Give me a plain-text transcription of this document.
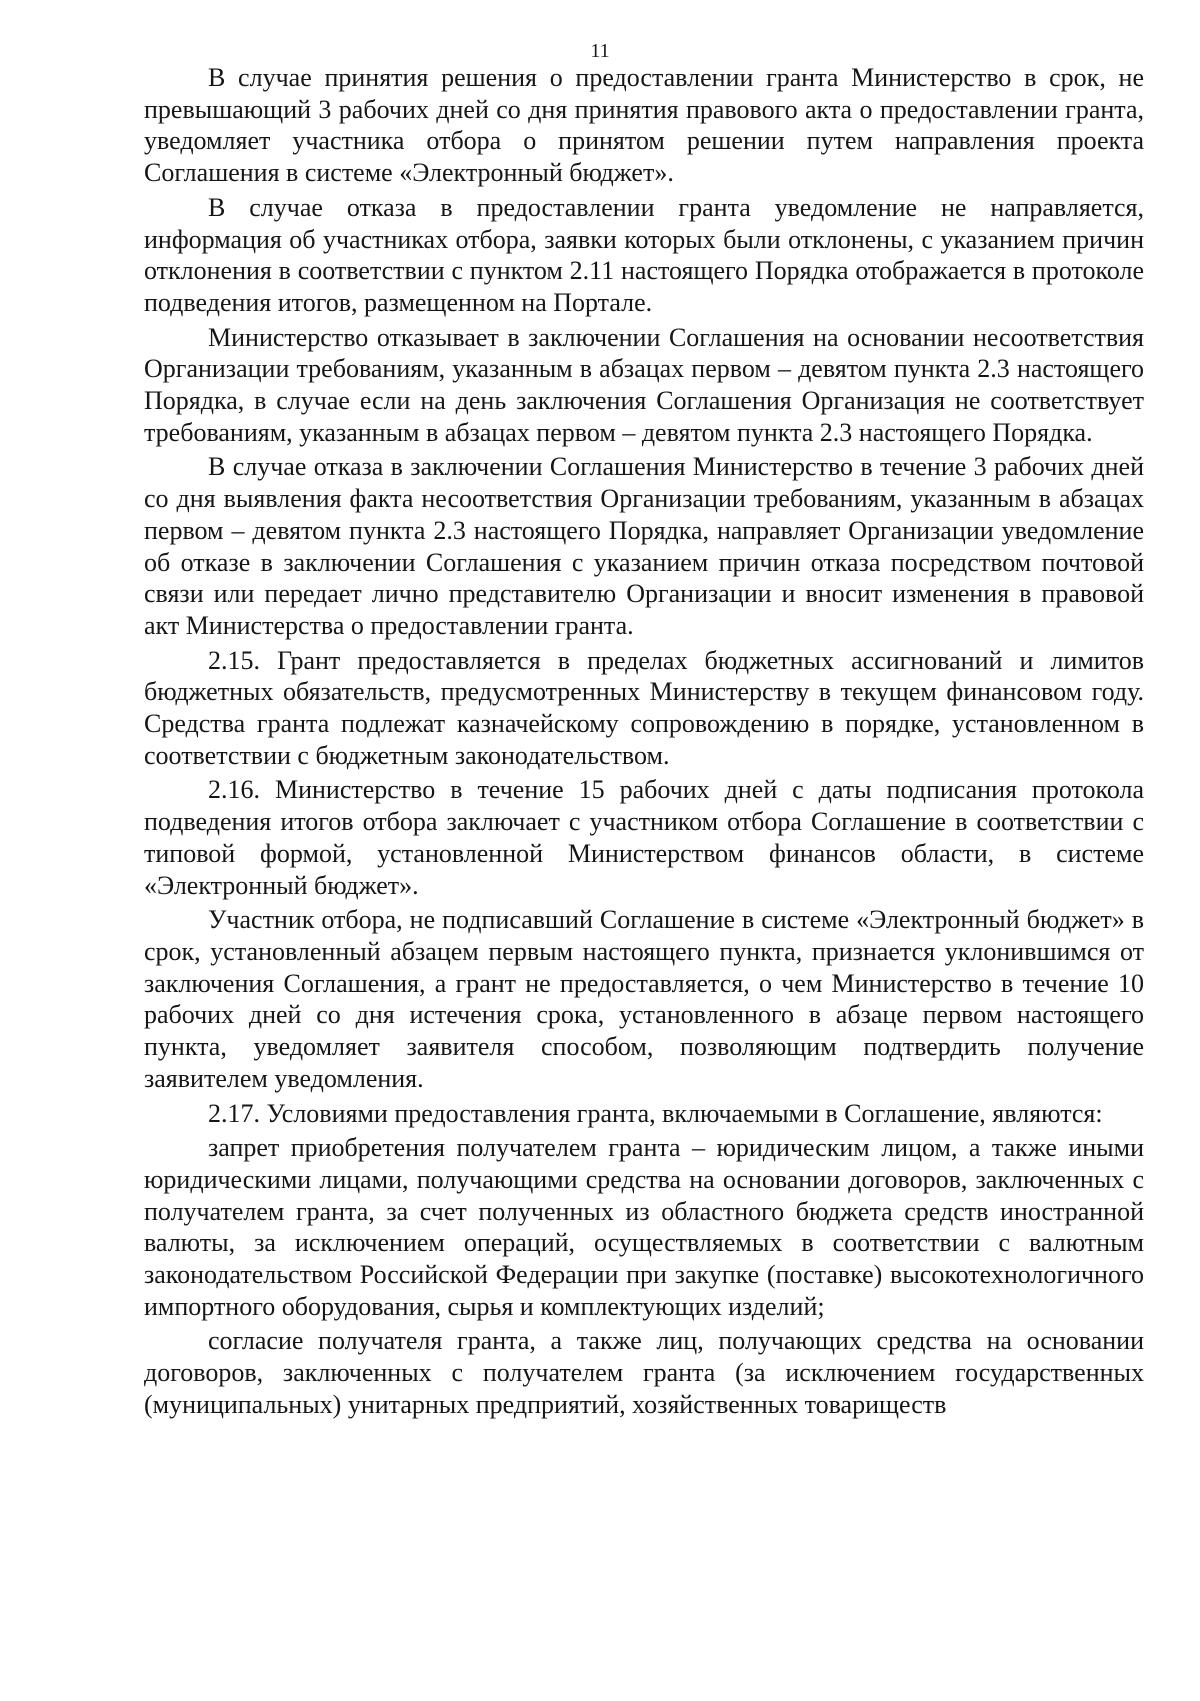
11

В случае принятия решения о предоставлении гранта Министерство в срок, не превышающий 3 рабочих дней со дня принятия правового акта о предоставлении гранта, уведомляет участника отбора о принятом решении путем направления проекта Соглашения в системе «Электронный бюджет».

В случае отказа в предоставлении гранта уведомление не направляется, информация об участниках отбора, заявки которых были отклонены, с указанием причин отклонения в соответствии с пунктом 2.11 настоящего Порядка отображается в протоколе подведения итогов, размещенном на Портале.

Министерство отказывает в заключении Соглашения на основании несоответствия Организации требованиям, указанным в абзацах первом – девятом пункта 2.3 настоящего Порядка, в случае если на день заключения Соглашения Организация не соответствует требованиям, указанным в абзацах первом – девятом пункта 2.3 настоящего Порядка.

В случае отказа в заключении Соглашения Министерство в течение 3 рабочих дней со дня выявления факта несоответствия Организации требованиям, указанным в абзацах первом – девятом пункта 2.3 настоящего Порядка, направляет Организации уведомление об отказе в заключении Соглашения с указанием причин отказа посредством почтовой связи или передает лично представителю Организации и вносит изменения в правовой акт Министерства о предоставлении гранта.

2.15. Грант предоставляется в пределах бюджетных ассигнований и лимитов бюджетных обязательств, предусмотренных Министерству в текущем финансовом году. Средства гранта подлежат казначейскому сопровождению в порядке, установленном в соответствии с бюджетным законодательством.

2.16. Министерство в течение 15 рабочих дней с даты подписания протокола подведения итогов отбора заключает с участником отбора Соглашение в соответствии с типовой формой, установленной Министерством финансов области, в системе «Электронный бюджет».

Участник отбора, не подписавший Соглашение в системе «Электронный бюджет» в срок, установленный абзацем первым настоящего пункта, признается уклонившимся от заключения Соглашения, а грант не предоставляется, о чем Министерство в течение 10 рабочих дней со дня истечения срока, установленного в абзаце первом настоящего пункта, уведомляет заявителя способом, позволяющим подтвердить получение заявителем уведомления.

2.17. Условиями предоставления гранта, включаемыми в Соглашение, являются:

запрет приобретения получателем гранта – юридическим лицом, а также иными юридическими лицами, получающими средства на основании договоров, заключенных с получателем гранта, за счет полученных из областного бюджета средств иностранной валюты, за исключением операций, осуществляемых в соответствии с валютным законодательством Российской Федерации при закупке (поставке) высокотехнологичного импортного оборудования, сырья и комплектующих изделий;

согласие получателя гранта, а также лиц, получающих средства на основании договоров, заключенных с получателем гранта (за исключением государственных (муниципальных) унитарных предприятий, хозяйственных товариществ
